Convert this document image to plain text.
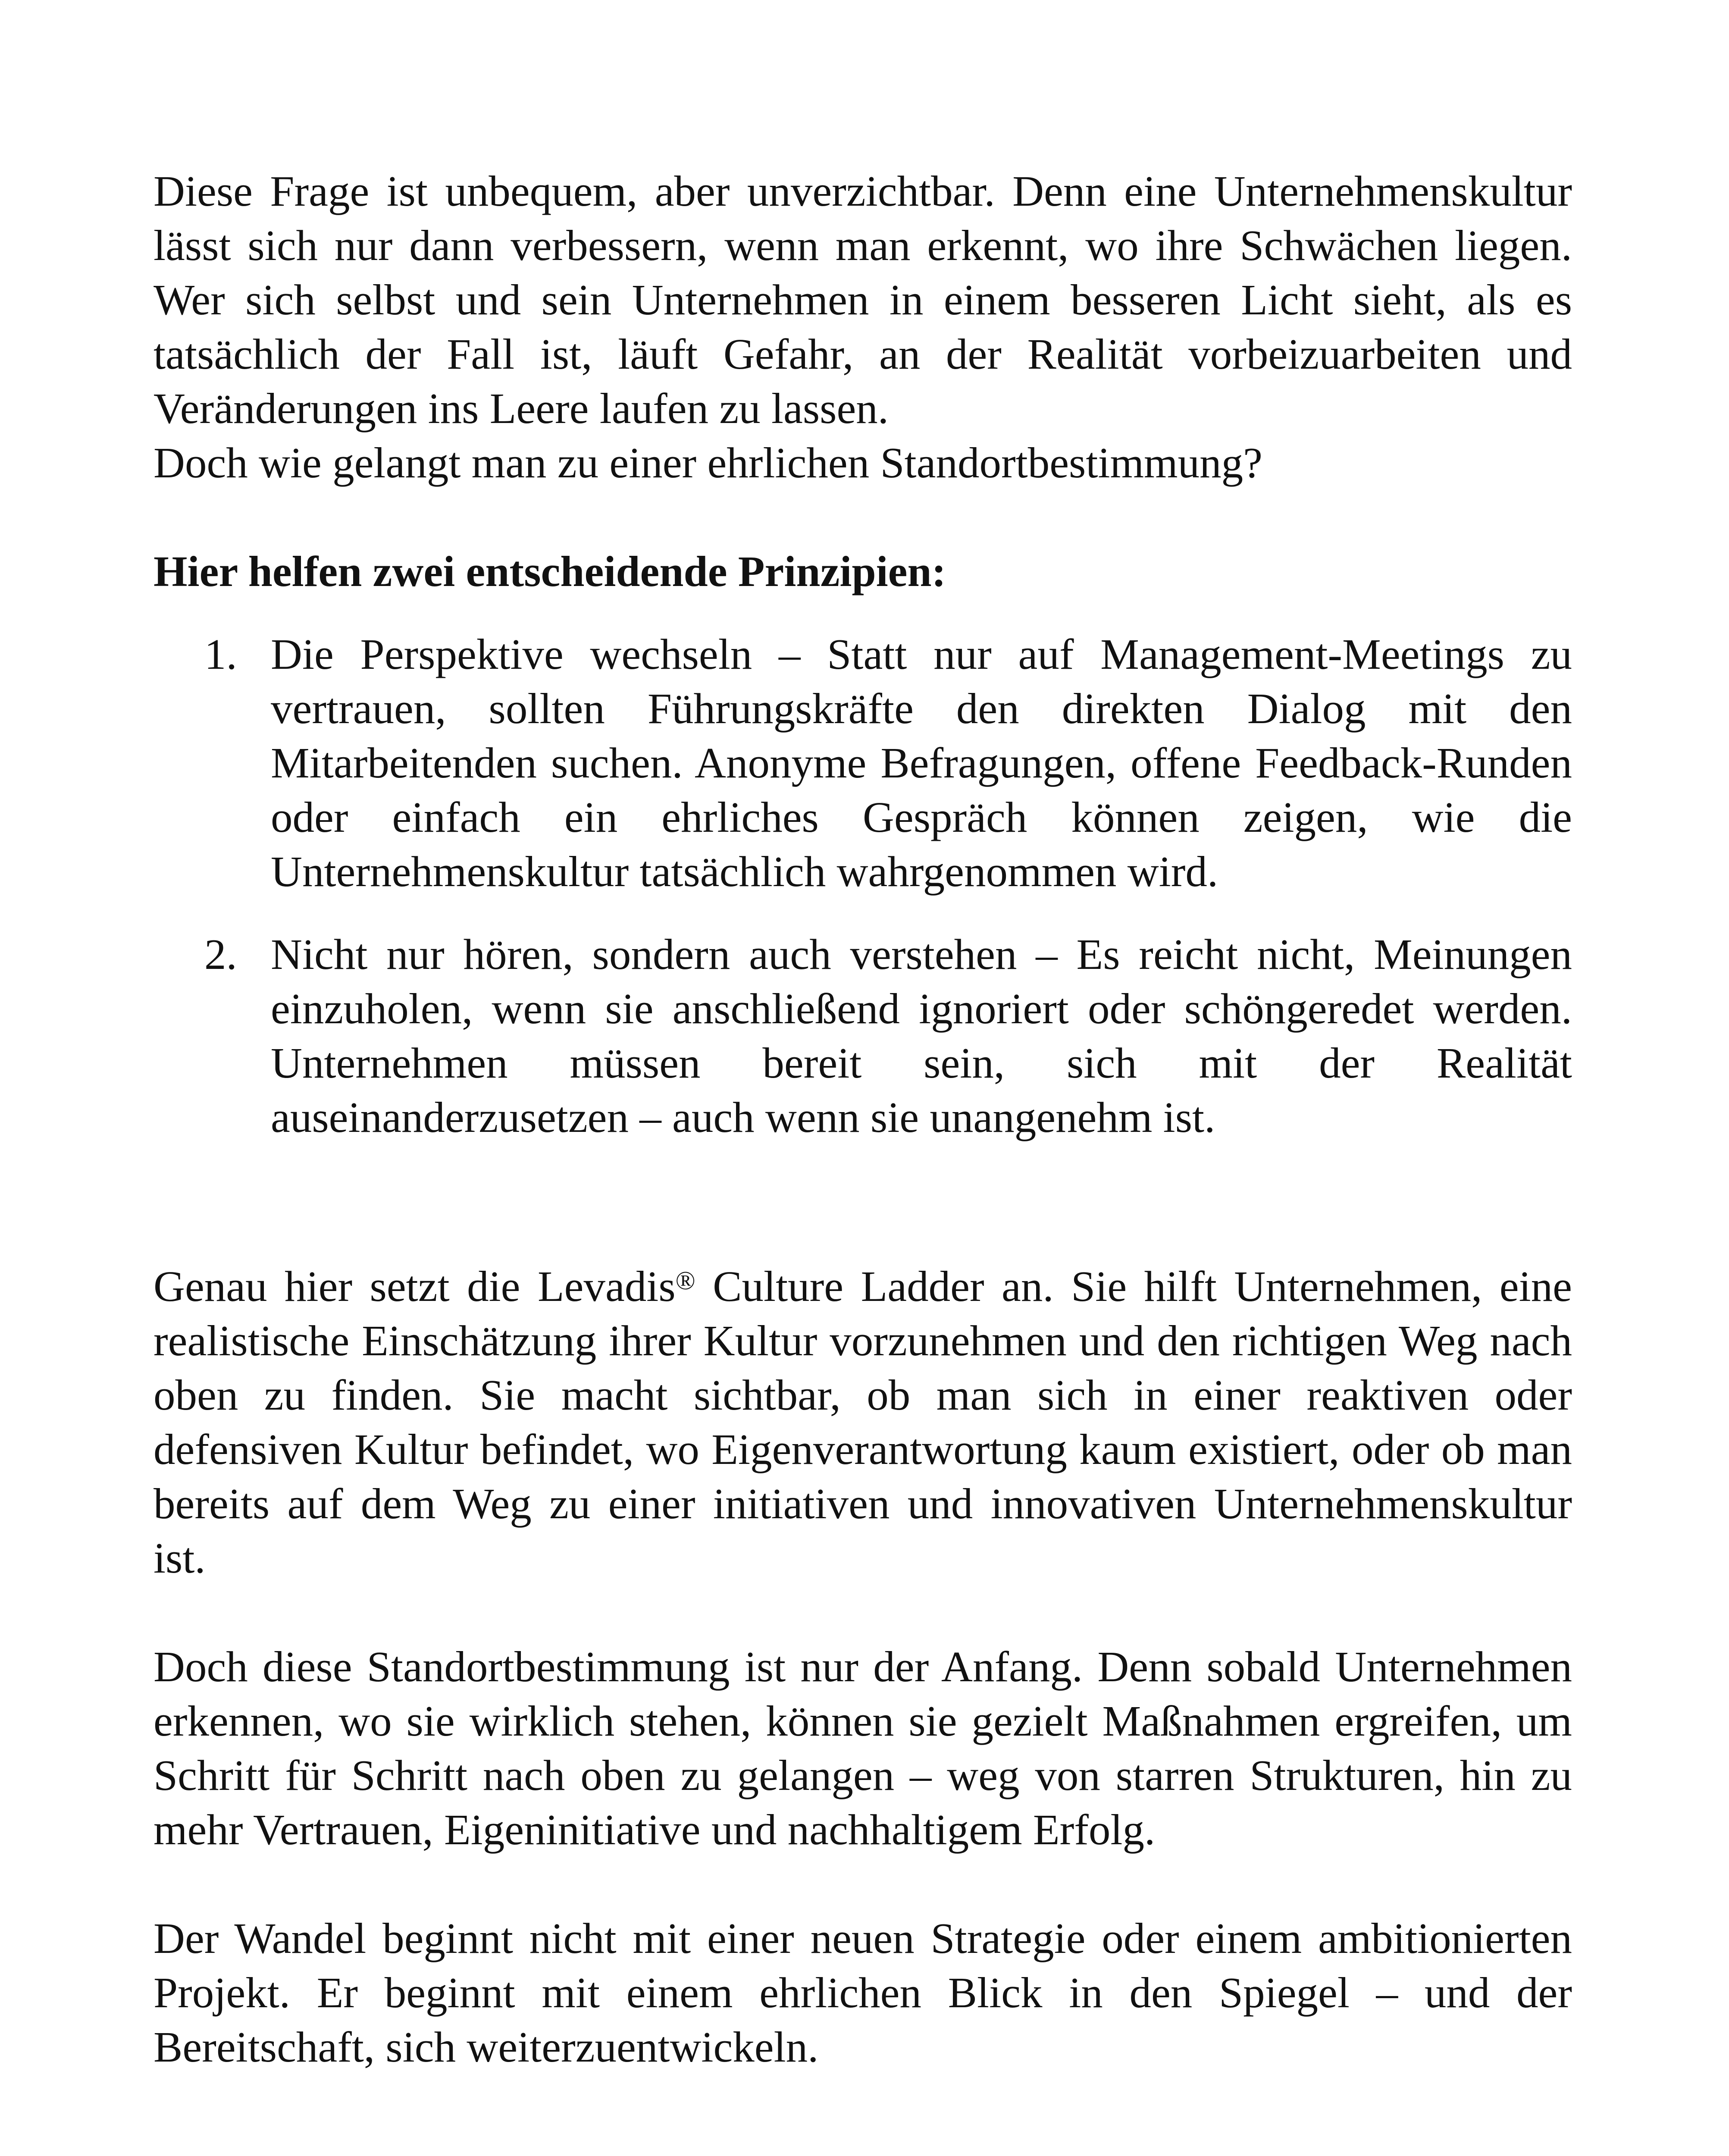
Diese Frage ist unbequem, aber unverzichtbar. Denn eine Unternehmenskultur lässt sich nur dann verbessern, wenn man erkennt, wo ihre Schwächen liegen. Wer sich selbst und sein Unternehmen in einem besseren Licht sieht, als es tatsächlich der Fall ist, läuft Gefahr, an der Realität vorbeizuarbeiten und Veränderungen ins Leere laufen zu lassen.

Doch wie gelangt man zu einer ehrlichen Standortbestimmung?

Hier helfen zwei entscheidende Prinzipien:

1. Die Perspektive wechseln – Statt nur auf Management-Meetings zu vertrauen, sollten Führungskräfte den direkten Dialog mit den Mitarbeitenden suchen. Anonyme Befragungen, offene Feedback-Runden oder einfach ein ehrliches Gespräch können zeigen, wie die Unternehmenskultur tatsächlich wahrgenommen wird.

2. Nicht nur hören, sondern auch verstehen – Es reicht nicht, Meinungen einzuholen, wenn sie anschließend ignoriert oder schöngeredet werden. Unternehmen müssen bereit sein, sich mit der Realität auseinanderzusetzen – auch wenn sie unangenehm ist.

Genau hier setzt die Levadis® Culture Ladder an. Sie hilft Unternehmen, eine realistische Einschätzung ihrer Kultur vorzunehmen und den richtigen Weg nach oben zu finden. Sie macht sichtbar, ob man sich in einer reaktiven oder defensiven Kultur befindet, wo Eigenverantwortung kaum existiert, oder ob man bereits auf dem Weg zu einer initiativen und innovativen Unternehmenskultur ist.

Doch diese Standortbestimmung ist nur der Anfang. Denn sobald Unternehmen erkennen, wo sie wirklich stehen, können sie gezielt Maßnahmen ergreifen, um Schritt für Schritt nach oben zu gelangen – weg von starren Strukturen, hin zu mehr Vertrauen, Eigeninitiative und nachhaltigem Erfolg.

Der Wandel beginnt nicht mit einer neuen Strategie oder einem ambitionierten Projekt. Er beginnt mit einem ehrlichen Blick in den Spiegel – und der Bereitschaft, sich weiterzuentwickeln.
